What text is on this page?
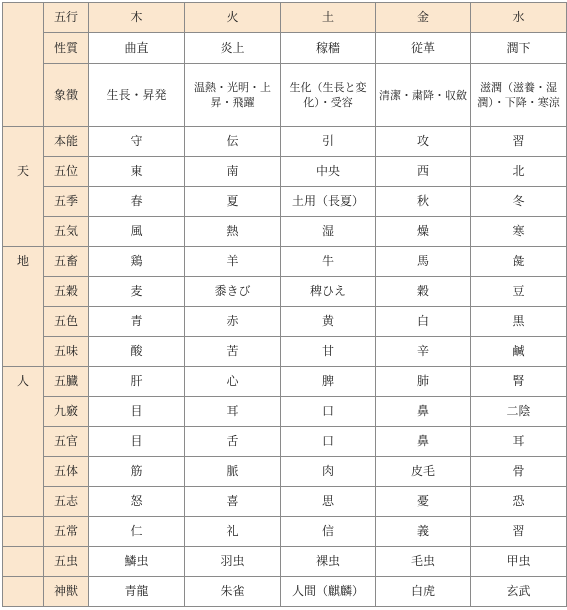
	五行	木	火	土	金	水
	性質	曲直	炎上	稼穡	従革	潤下
	象徴	生長・昇発	温熱・光明・上昇・飛躍	生化（生長と変化）・受容	清潔・粛降・収斂	滋潤（滋養・湿潤）・下降・寒涼
	本能	守	伝	引	攻	習
天	五位	東	南	中央	西	北
	五季	春	夏	土用（長夏）	秋	冬
	五気	風	熱	湿	燥	寒
地	五畜	鶏	羊	牛	馬	彘
	五穀	麦	黍きび	稗ひえ	穀	豆
	五色	青	赤	黄	白	黒
	五味	酸	苦	甘	辛	鹹
人	五臓	肝	心	脾	肺	腎
	九竅	目	耳	口	鼻	二陰
	五官	目	舌	口	鼻	耳
	五体	筋	脈	肉	皮毛	骨
	五志	怒	喜	思	憂	恐
	五常	仁	礼	信	義	習
	五虫	鱗虫	羽虫	裸虫	毛虫	甲虫
	神獣	青龍	朱雀	人間（麒麟）	白虎	玄武
